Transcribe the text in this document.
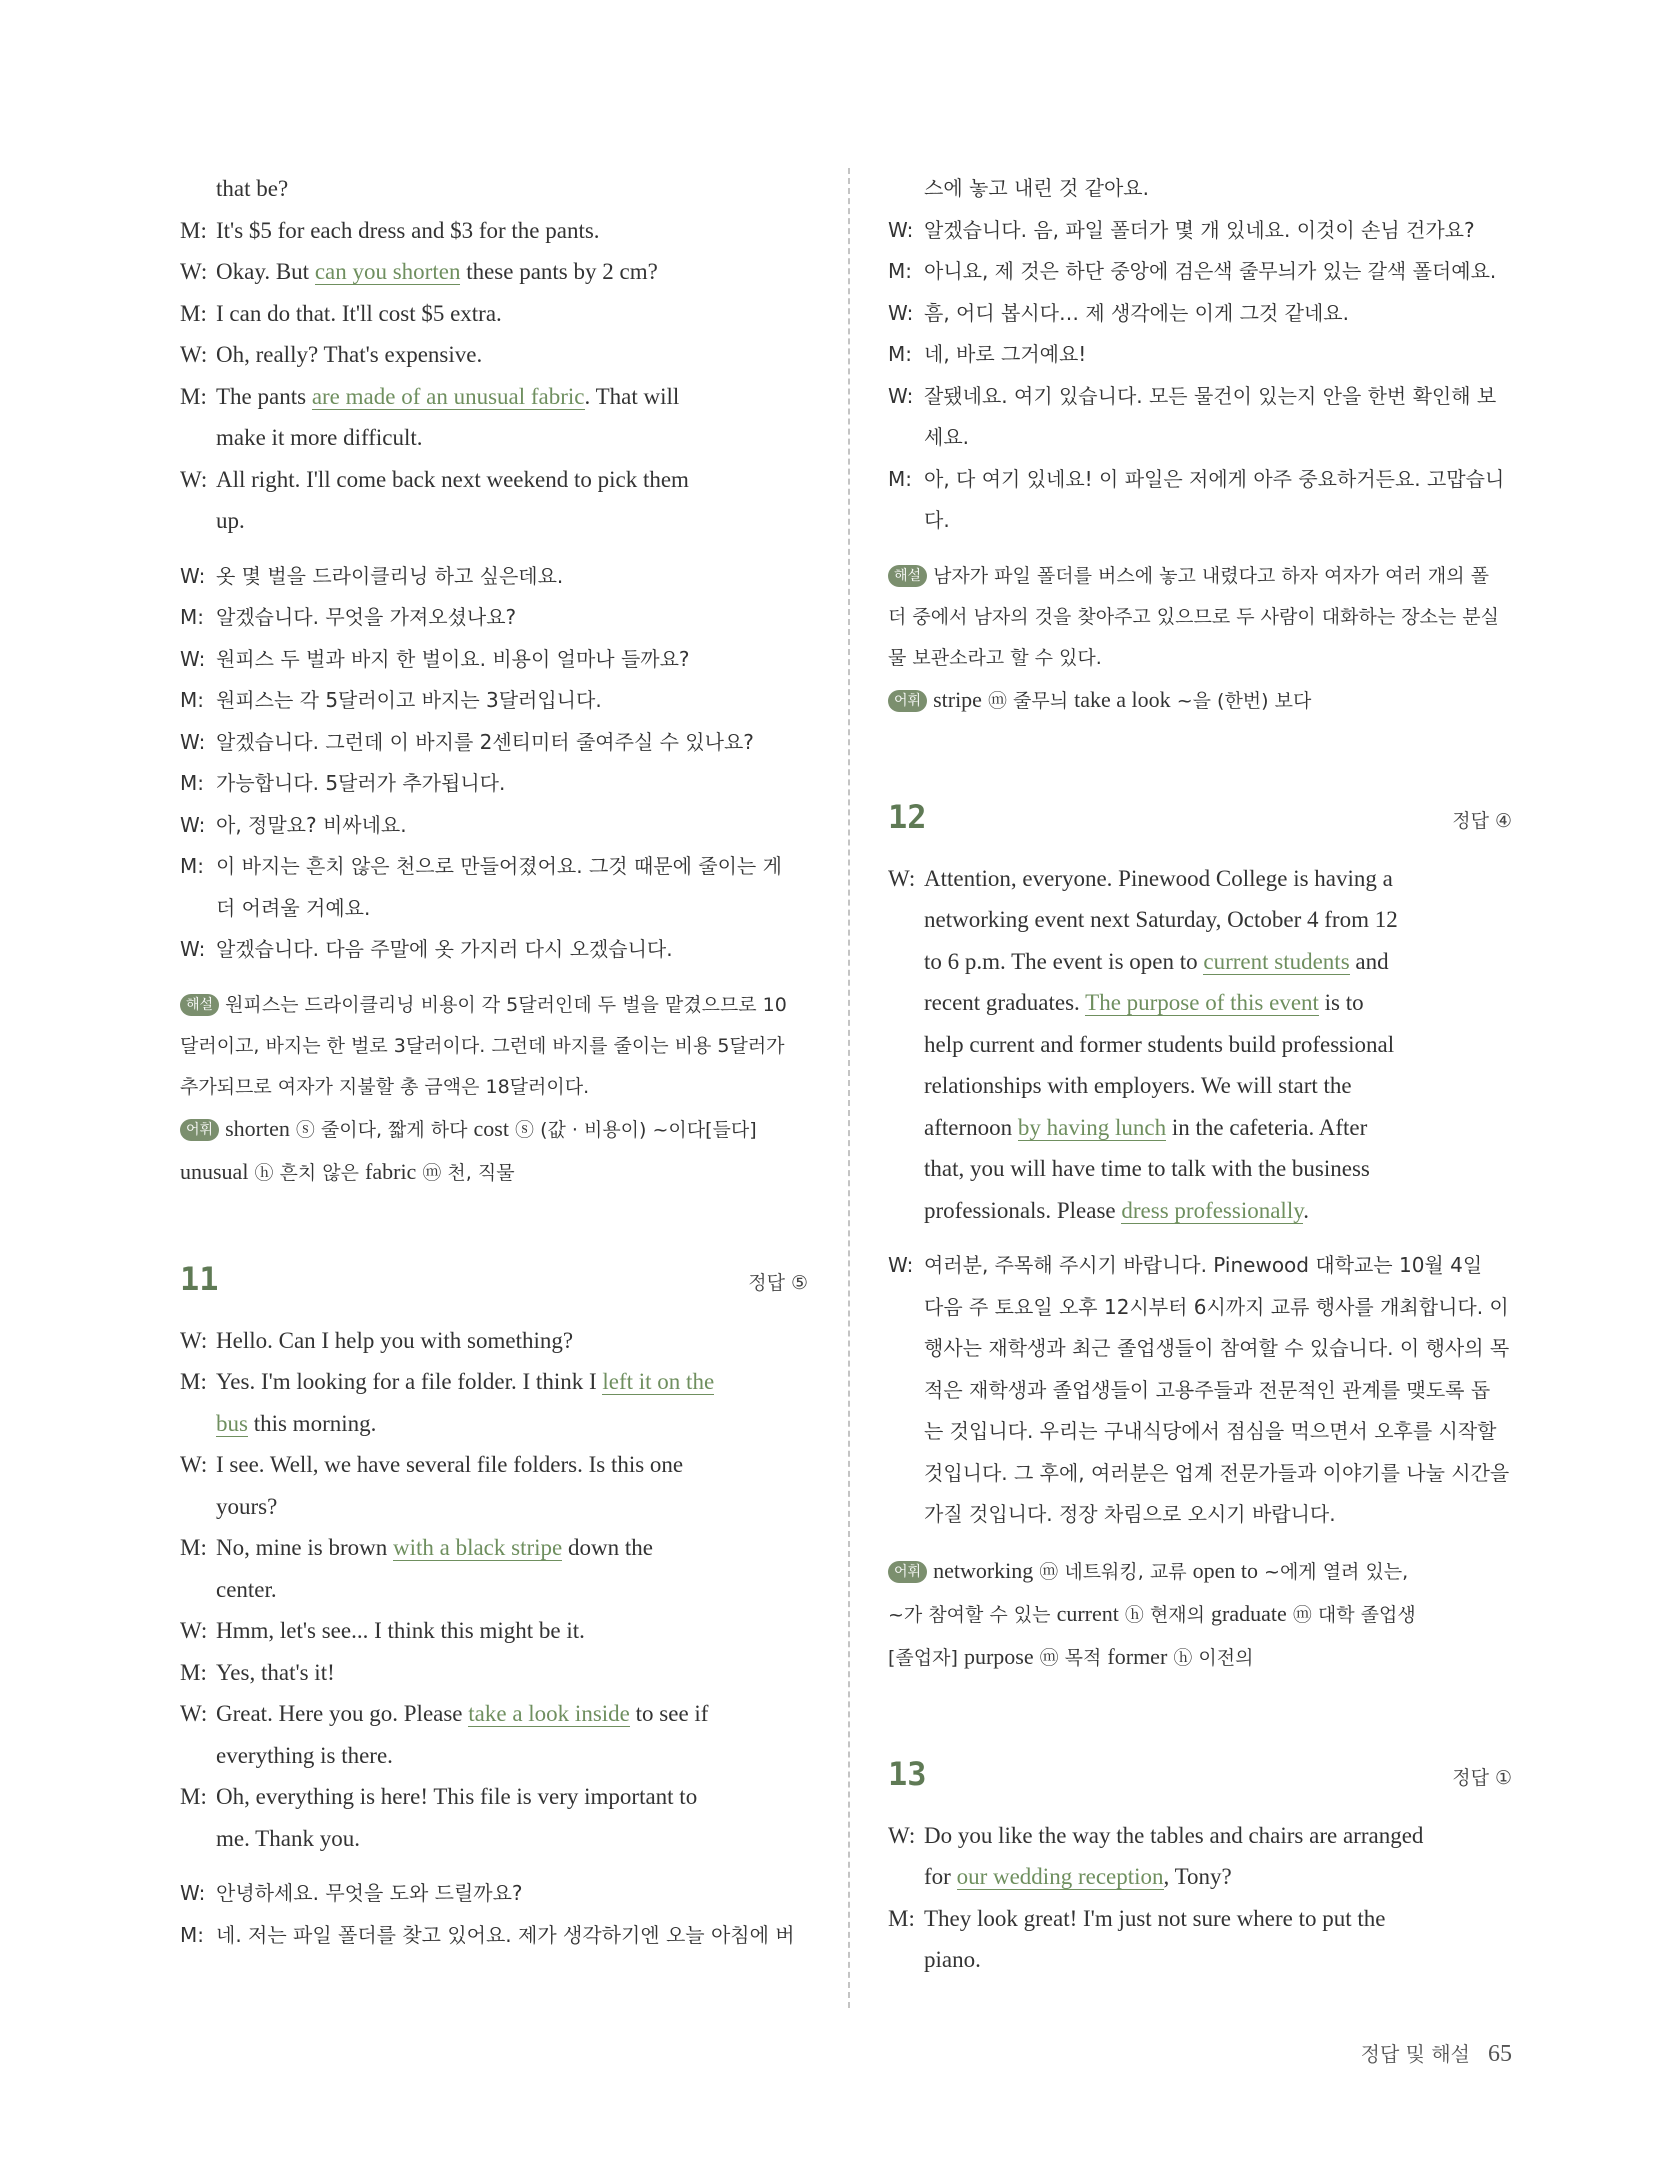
that be?
M: It's $5 for each dress and $3 for the pants.
W: Okay. But can you shorten these pants by 2 cm?
M: I can do that. It'll cost $5 extra.
W: Oh, really? That's expensive.
M: The pants are made of an unusual fabric. That will
make it more difficult.
W: All right. I'll come back next weekend to pick them
up.
W: 옷 몇 벌을 드라이클리닝 하고 싶은데요.
M: 알겠습니다. 무엇을 가져오셨나요?
W: 원피스 두 벌과 바지 한 벌이요. 비용이 얼마나 들까요?
M: 원피스는 각 5달러이고 바지는 3달러입니다.
W: 알겠습니다. 그런데 이 바지를 2센티미터 줄여주실 수 있나요?
M: 가능합니다. 5달러가 추가됩니다.
W: 아, 정말요? 비싸네요.
M: 이 바지는 흔치 않은 천으로 만들어졌어요. 그것 때문에 줄이는 게
더 어려울 거예요.
W: 알겠습니다. 다음 주말에 옷 가지러 다시 오겠습니다.
해설 원피스는 드라이클리닝 비용이 각 5달러인데 두 벌을 맡겼으므로 10
달러이고, 바지는 한 벌로 3달러이다. 그런데 바지를 줄이는 비용 5달러가
추가되므로 여자가 지불할 총 금액은 18달러이다.
어휘 shorten ⓢ 줄이다, 짧게 하다 cost ⓢ (값 · 비용이) ~이다[들다]
unusual ⓗ 흔치 않은 fabric ⓜ 천, 직물
11	정답 ⑤
W: Hello. Can I help you with something?
M: Yes. I'm looking for a file folder. I think I left it on the
bus this morning.
W: I see. Well, we have several file folders. Is this one
yours?
M: No, mine is brown with a black stripe down the
center.
W: Hmm, let's see... I think this might be it.
M: Yes, that's it!
W: Great. Here you go. Please take a look inside to see if
everything is there.
M: Oh, everything is here! This file is very important to
me. Thank you.
W: 안녕하세요. 무엇을 도와 드릴까요?
M: 네. 저는 파일 폴더를 찾고 있어요. 제가 생각하기엔 오늘 아침에 버
스에 놓고 내린 것 같아요.
W: 알겠습니다. 음, 파일 폴더가 몇 개 있네요. 이것이 손님 건가요?
M: 아니요, 제 것은 하단 중앙에 검은색 줄무늬가 있는 갈색 폴더예요.
W: 흠, 어디 봅시다… 제 생각에는 이게 그것 같네요.
M: 네, 바로 그거예요!
W: 잘됐네요. 여기 있습니다. 모든 물건이 있는지 안을 한번 확인해 보
세요.
M: 아, 다 여기 있네요! 이 파일은 저에게 아주 중요하거든요. 고맙습니
다.
해설 남자가 파일 폴더를 버스에 놓고 내렸다고 하자 여자가 여러 개의 폴
더 중에서 남자의 것을 찾아주고 있으므로 두 사람이 대화하는 장소는 분실
물 보관소라고 할 수 있다.
어휘 stripe ⓜ 줄무늬 take a look ~을 (한번) 보다
12	정답 ④
W: Attention, everyone. Pinewood College is having a
networking event next Saturday, October 4 from 12
to 6 p.m. The event is open to current students and
recent graduates. The purpose of this event is to
help current and former students build professional
relationships with employers. We will start the
afternoon by having lunch in the cafeteria. After
that, you will have time to talk with the business
professionals. Please dress professionally.
W: 여러분, 주목해 주시기 바랍니다. Pinewood 대학교는 10월 4일
다음 주 토요일 오후 12시부터 6시까지 교류 행사를 개최합니다. 이
행사는 재학생과 최근 졸업생들이 참여할 수 있습니다. 이 행사의 목
적은 재학생과 졸업생들이 고용주들과 전문적인 관계를 맺도록 돕
는 것입니다. 우리는 구내식당에서 점심을 먹으면서 오후를 시작할
것입니다. 그 후에, 여러분은 업계 전문가들과 이야기를 나눌 시간을
가질 것입니다. 정장 차림으로 오시기 바랍니다.
어휘 networking ⓜ 네트워킹, 교류 open to ~에게 열려 있는,
~가 참여할 수 있는 current ⓗ 현재의 graduate ⓜ 대학 졸업생
[졸업자] purpose ⓜ 목적 former ⓗ 이전의
13	정답 ①
W: Do you like the way the tables and chairs are arranged
for our wedding reception, Tony?
M: They look great! I'm just not sure where to put the
piano.
정답 및 해설 65
